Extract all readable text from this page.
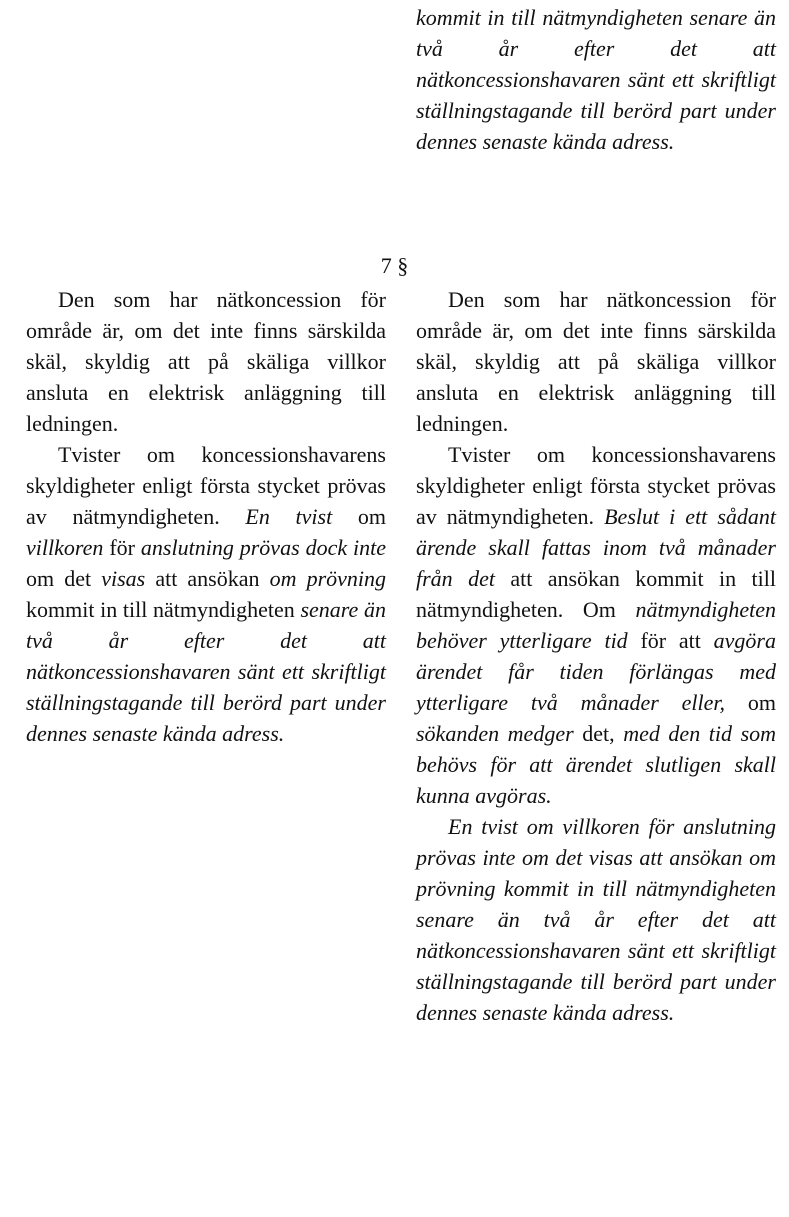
kommit in till nätmyndigheten senare än två år efter det att nätkoncessionshavaren sänt ett skriftligt ställningstagande till berörd part under dennes senaste kända adress.

7 §

Den som har nätkoncession för område är, om det inte finns särskilda skäl, skyldig att på skäliga villkor ansluta en elektrisk anläggning till ledningen.

Tvister om koncessionshavarens skyldigheter enligt första stycket prövas av nätmyndigheten. En tvist om villkoren för anslutning prövas dock inte om det visas att ansökan om prövning kommit in till nätmyndigheten senare än två år efter det att nätkoncessionshavaren sänt ett skriftligt ställningstagande till berörd part under dennes senaste kända adress.

Den som har nätkoncession för område är, om det inte finns särskilda skäl, skyldig att på skäliga villkor ansluta en elektrisk anläggning till ledningen.

Tvister om koncessionshavarens skyldigheter enligt första stycket prövas av nätmyndigheten. Beslut i ett sådant ärende skall fattas inom två månader från det att ansökan kommit in till nätmyndigheten. Om nätmyndigheten behöver ytterligare tid för att avgöra ärendet får tiden förlängas med ytterligare två månader eller, om sökanden medger det, med den tid som behövs för att ärendet slutligen skall kunna avgöras.

En tvist om villkoren för anslutning prövas inte om det visas att ansökan om prövning kommit in till nätmyndigheten senare än två år efter det att nätkoncessionshavaren sänt ett skriftligt ställningstagande till berörd part under dennes senaste kända adress.
